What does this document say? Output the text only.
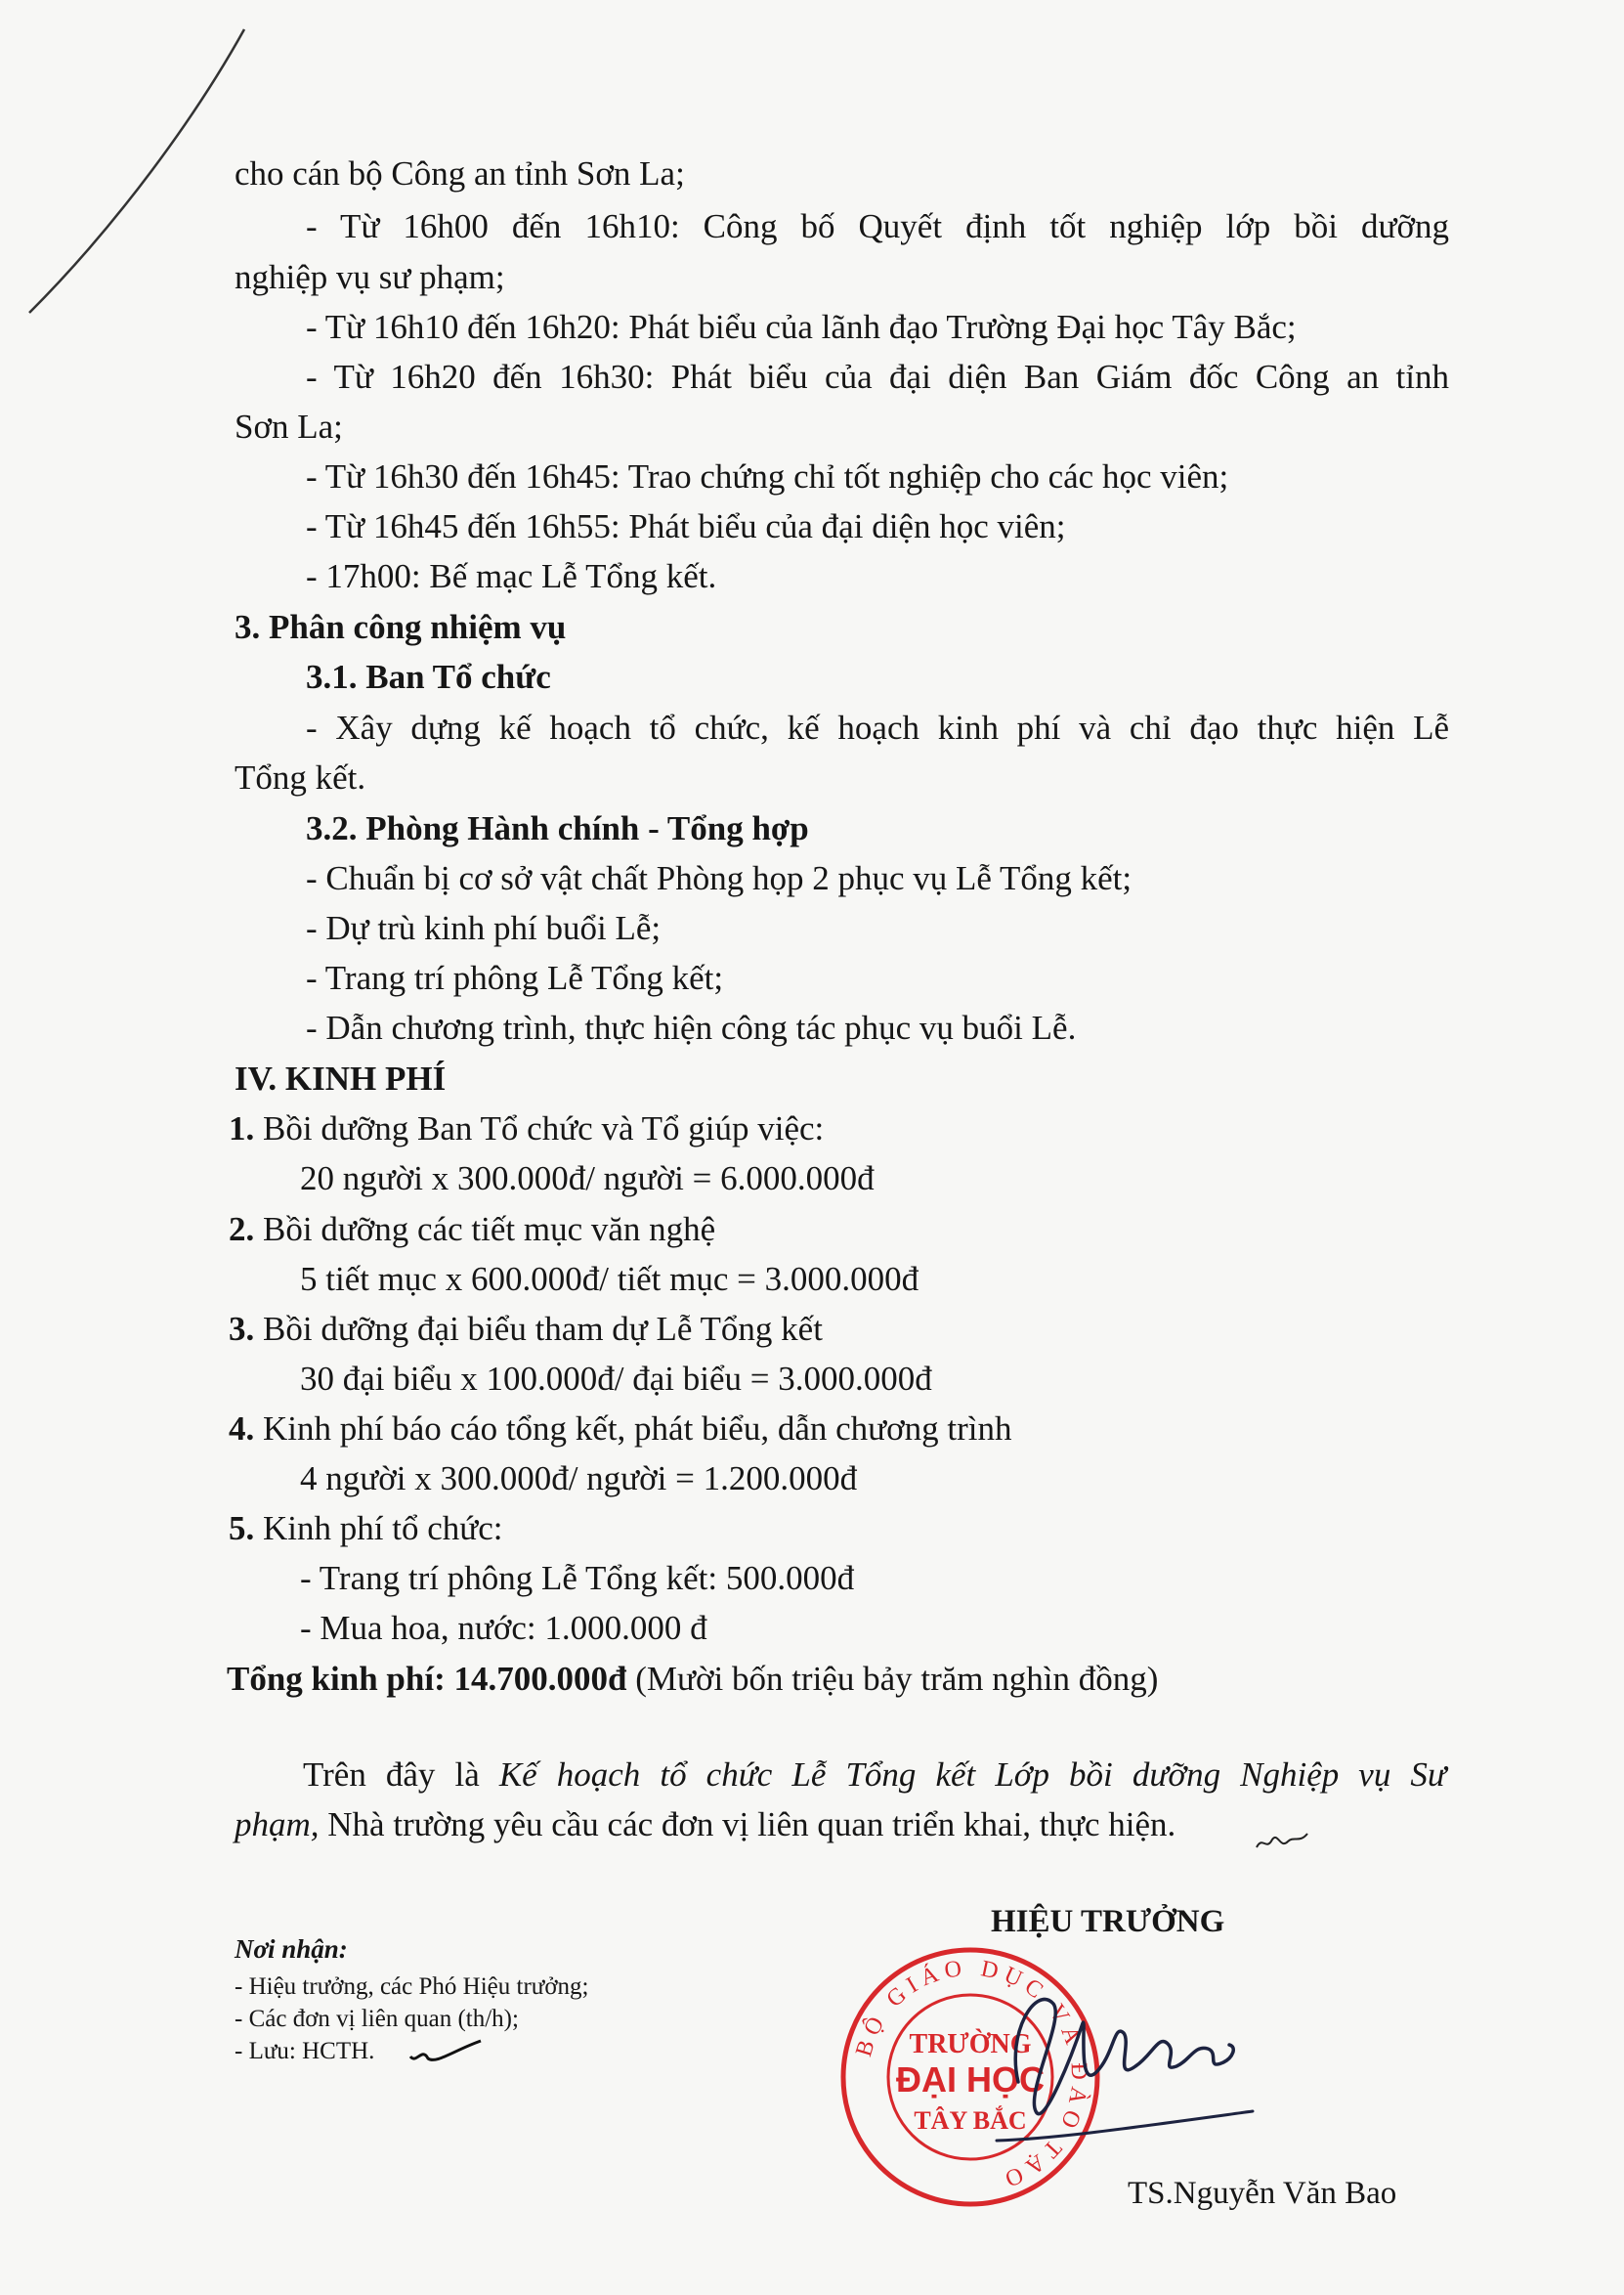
cho cán bộ Công an tỉnh Sơn La;
- Từ 16h00 đến 16h10: Công bố Quyết định tốt nghiệp lớp bồi dưỡng
nghiệp vụ sư phạm;
- Từ 16h10 đến 16h20: Phát biểu của lãnh đạo Trường Đại học Tây Bắc;
- Từ 16h20 đến 16h30: Phát biểu của đại diện Ban Giám đốc Công an tỉnh
Sơn La;
- Từ 16h30 đến 16h45: Trao chứng chỉ tốt nghiệp cho các học viên;
- Từ 16h45 đến 16h55: Phát biểu của đại diện học viên;
- 17h00: Bế mạc Lễ Tổng kết.
3. Phân công nhiệm vụ
3.1. Ban Tổ chức
- Xây dựng kế hoạch tổ chức, kế hoạch kinh phí và chỉ đạo thực hiện Lễ
Tổng kết.
3.2. Phòng Hành chính - Tổng hợp
- Chuẩn bị cơ sở vật chất Phòng họp 2 phục vụ Lễ Tổng kết;
- Dự trù kinh phí buổi Lễ;
- Trang trí phông Lễ Tổng kết;
- Dẫn chương trình, thực hiện công tác phục vụ buổi Lễ.
IV. KINH PHÍ
1. Bồi dưỡng Ban Tổ chức và Tổ giúp việc:
20 người x 300.000đ/ người = 6.000.000đ
2. Bồi dưỡng các tiết mục văn nghệ
5 tiết mục x 600.000đ/ tiết mục = 3.000.000đ
3. Bồi dưỡng đại biểu tham dự Lễ Tổng kết
30 đại biểu x 100.000đ/ đại biểu = 3.000.000đ
4. Kinh phí báo cáo tổng kết, phát biểu, dẫn chương trình
4 người x 300.000đ/ người = 1.200.000đ
5. Kinh phí tổ chức:
- Trang trí phông Lễ Tổng kết: 500.000đ
- Mua hoa, nước: 1.000.000 đ
Tổng kinh phí: 14.700.000đ (Mười bốn triệu bảy trăm nghìn đồng)
Trên đây là Kế hoạch tổ chức Lễ Tổng kết Lớp bồi dưỡng Nghiệp vụ Sư
phạm, Nhà trường yêu cầu các đơn vị liên quan triển khai, thực hiện.
Nơi nhận:
- Hiệu trưởng, các Phó Hiệu trưởng;
- Các đơn vị liên quan (th/h);
- Lưu: HCTH.
HIỆU TRƯỞNG
BỘ GIÁO DỤC VÀ ĐÀO TẠO
TRƯỜNG
ĐẠI HỌC
TÂY BẮC
TS.Nguyễn Văn Bao
